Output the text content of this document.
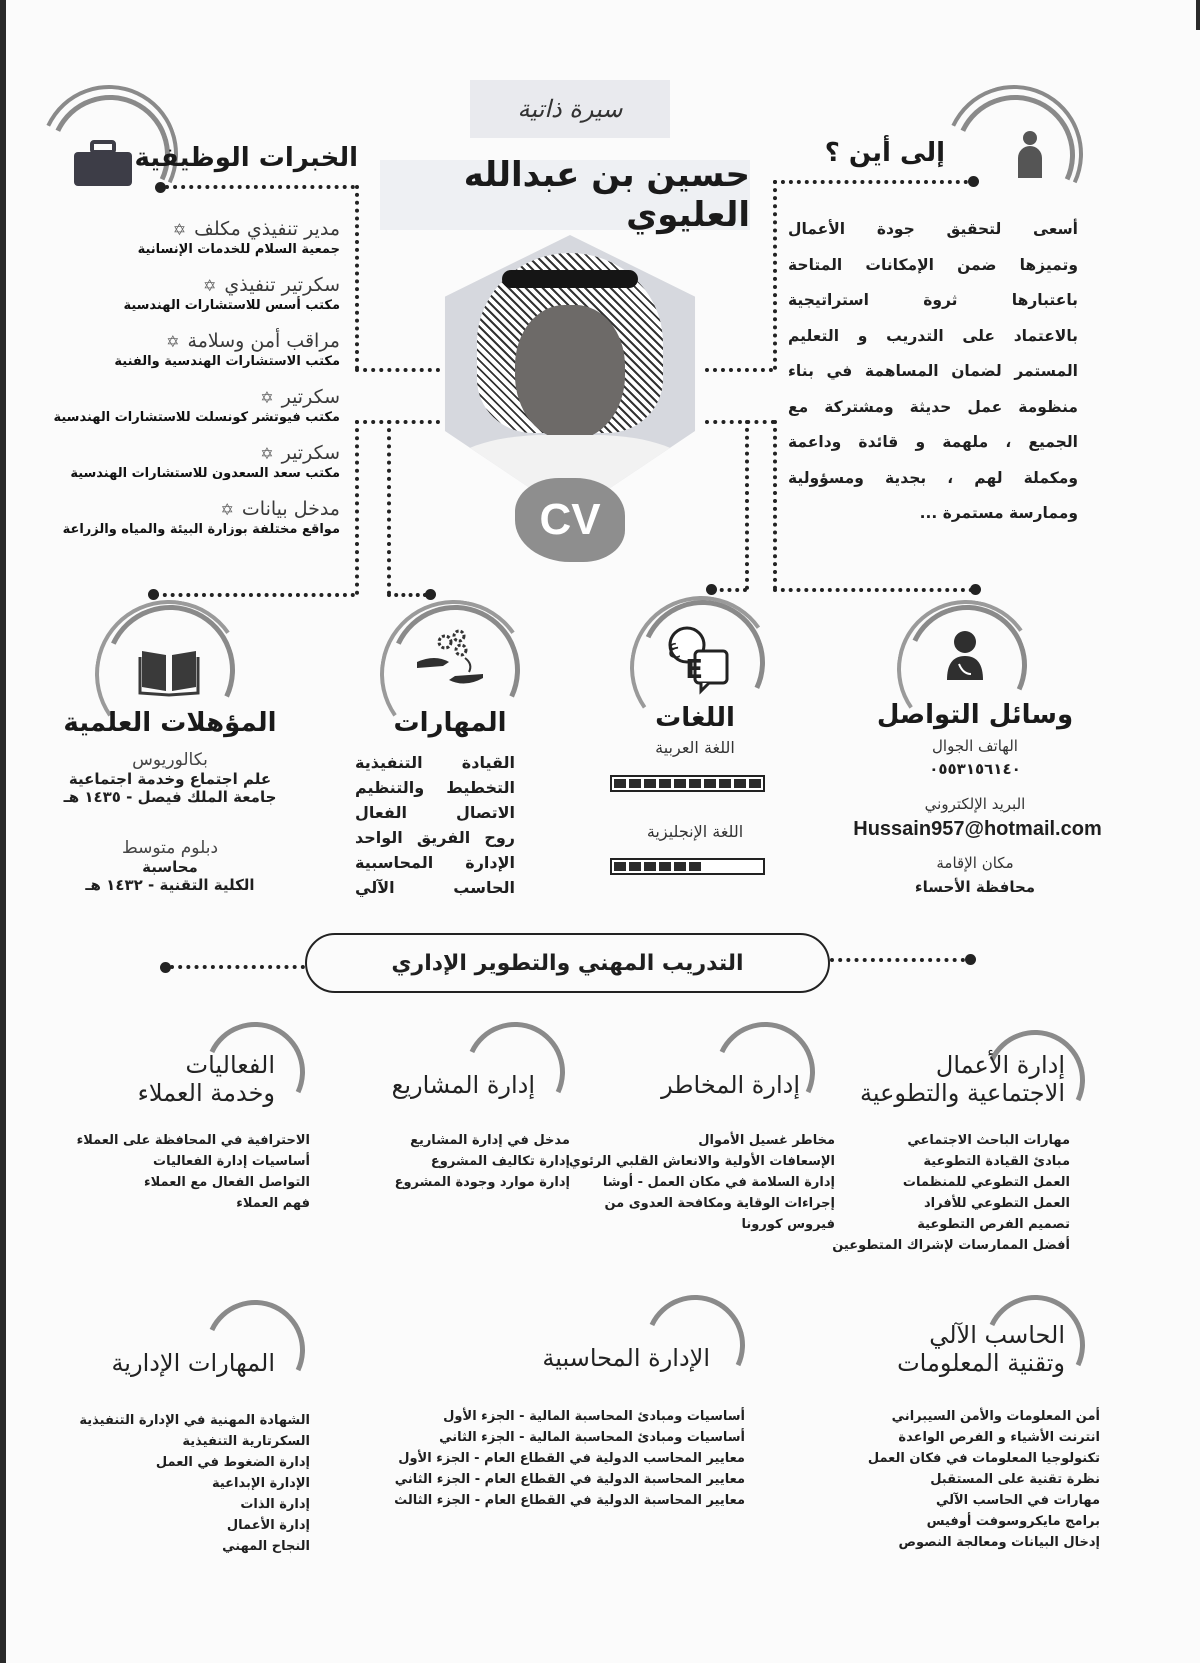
سيرة ذاتية
حسين بن عبدالله العليوي
CV
الخبرات الوظيفية
✡ مدير تنفيذي مكلف
جمعية السلام للخدمات الإنسانية
✡ سكرتير تنفيذي
مكتب أسس للاستشارات الهندسية
✡ مراقب أمن وسلامة
مكتب الاستشارات الهندسية والفنية
✡ سكرتير
مكتب فيوتشر كونسلت للاستشارات الهندسية
✡ سكرتير
مكتب سعد السعدون للاستشارات الهندسية
✡ مدخل بيانات
مواقع مختلفة بوزارة البيئة والمياه والزراعة
إلى أين ؟
أسعى لتحقيق جودة الأعمال
وتميزها ضمن الإمكانات المتاحة
باعتبارها ثروة استراتيجية
بالاعتماد على التدريب و التعليم
المستمر لضمان المساهمة في بناء
منظومة عمل حديثة ومشتركة مع
الجميع ، ملهمة و قائدة وداعمة
ومكملة لهم ، بجدية ومسؤولية
وممارسة مستمرة ...
المؤهلات العلمية
بكالوريوس
علم اجتماع وخدمة اجتماعية
جامعة الملك فيصل - ١٤٣٥ هـ
دبلوم متوسط
محاسبة
الكلية التقنية - ١٤٣٢ هـ
المهارات
القيادة التنفيذية
التخطيط والتنظيم
الاتصال الفعال
روح الفريق الواحد
الإدارة المحاسبية
الحاسب الآلي
ع
E
اللغات
اللغة العربية
اللغة الإنجليزية
وسائل التواصل
الهاتف الجوال
٠٥٥٣١٥٦١٤٠
البريد الإلكتروني
Hussain957@hotmail.com
مكان الإقامة
محافظة الأحساء
التدريب المهني والتطوير الإداري
إدارة الأعمال
الاجتماعية والتطوعية
مهارات الباحث الاجتماعي
مبادئ القيادة التطوعية
العمل التطوعي للمنظمات
العمل التطوعي للأفراد
تصميم الفرص التطوعية
أفضل الممارسات لإشراك المتطوعين
إدارة المخاطر
مخاطر غسيل الأموال
الإسعافات الأولية والانعاش القلبي الرئوي
إدارة السلامة في مكان العمل - أوشا
إجراءات الوقاية ومكافحة العدوى من
فيروس كورونا
إدارة المشاريع
مدخل في إدارة المشاريع
إدارة تكاليف المشروع
إدارة موارد وجودة المشروع
الفعاليات
وخدمة العملاء
الاحترافية في المحافظة على العملاء
أساسيات إدارة الفعاليات
التواصل الفعال مع العملاء
فهم العملاء
الحاسب الآلي
وتقنية المعلومات
أمن المعلومات والأمن السيبراني
انترنت الأشياء و الفرص الواعدة
تكنولوجيا المعلومات في فكان العمل
نظرة تقنية على المستقبل
مهارات في الحاسب الآلي
برامج مايكروسوفت أوفيس
إدخال البيانات ومعالجة النصوص
الإدارة المحاسبية
أساسيات ومبادئ المحاسبة المالية - الجزء الأول
أساسيات ومبادئ المحاسبة المالية - الجزء الثاني
معايير المحاسب الدولية في القطاع العام - الجزء الأول
معايير المحاسبة الدولية في القطاع العام - الجزء الثاني
معايير المحاسبة الدولية في القطاع العام - الجزء الثالث
المهارات الإدارية
الشهادة المهنية في الإدارة التنفيذية
السكرتارية التنفيذية
إدارة الضغوط في العمل
الإدارة الإبداعية
إدارة الذات
إدارة الأعمال
النجاح المهني
